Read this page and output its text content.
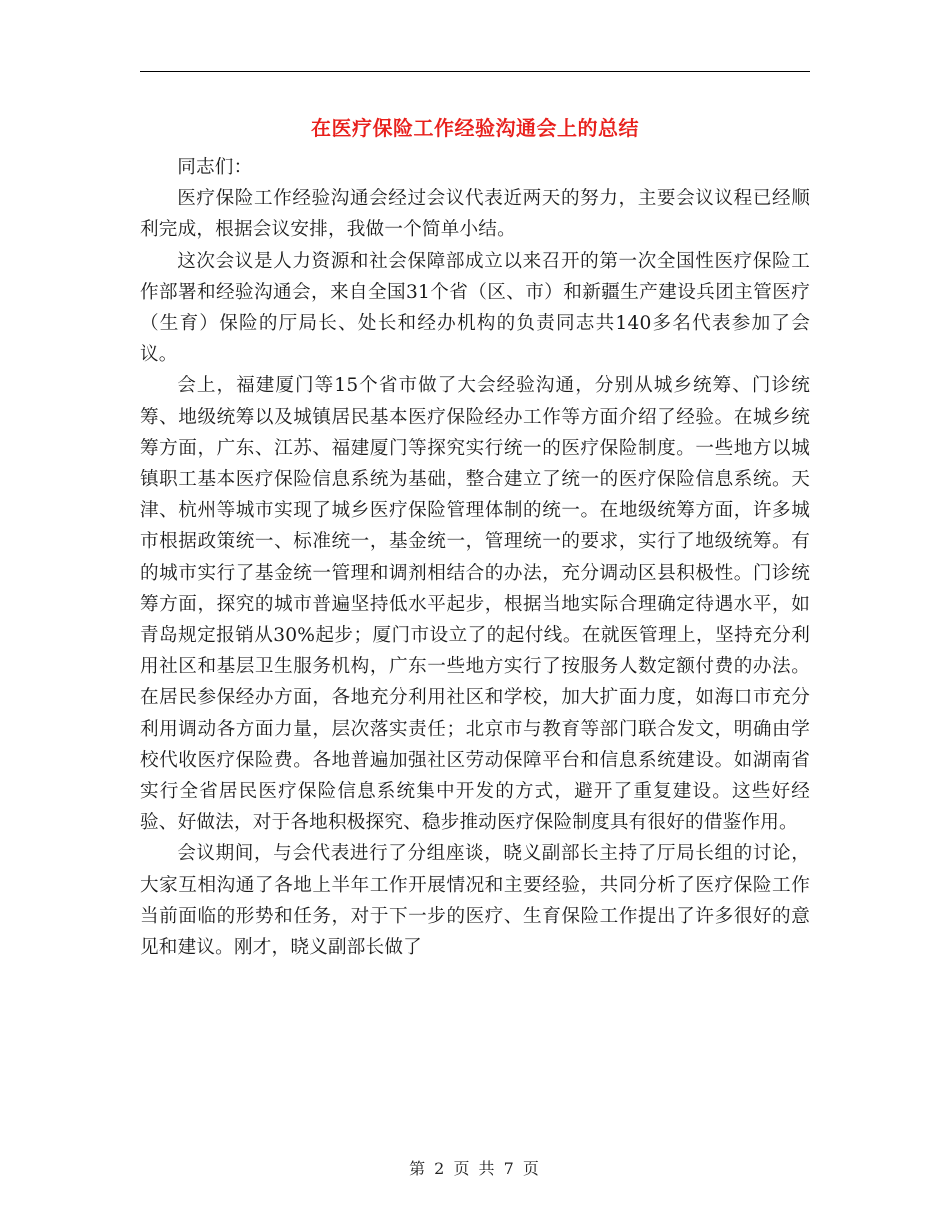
在医疗保险工作经验沟通会上的总结

同志们：

医疗保险工作经验沟通会经过会议代表近两天的努力，主要会议议程已经顺利完成，根据会议安排，我做一个简单小结。

这次会议是人力资源和社会保障部成立以来召开的第一次全国性医疗保险工作部署和经验沟通会，来自全国31个省（区、市）和新疆生产建设兵团主管医疗（生育）保险的厅局长、处长和经办机构的负责同志共140多名代表参加了会议。

会上，福建厦门等15个省市做了大会经验沟通，分别从城乡统筹、门诊统筹、地级统筹以及城镇居民基本医疗保险经办工作等方面介绍了经验。在城乡统筹方面，广东、江苏、福建厦门等探究实行统一的医疗保险制度。一些地方以城镇职工基本医疗保险信息系统为基础，整合建立了统一的医疗保险信息系统。天津、杭州等城市实现了城乡医疗保险管理体制的统一。在地级统筹方面，许多城市根据政策统一、标准统一，基金统一，管理统一的要求，实行了地级统筹。有的城市实行了基金统一管理和调剂相结合的办法，充分调动区县积极性。门诊统筹方面，探究的城市普遍坚持低水平起步，根据当地实际合理确定待遇水平，如青岛规定报销从30%起步；厦门市设立了的起付线。在就医管理上，坚持充分利用社区和基层卫生服务机构，广东一些地方实行了按服务人数定额付费的办法。在居民参保经办方面，各地充分利用社区和学校，加大扩面力度，如海口市充分利用调动各方面力量，层次落实责任；北京市与教育等部门联合发文，明确由学校代收医疗保险费。各地普遍加强社区劳动保障平台和信息系统建设。如湖南省实行全省居民医疗保险信息系统集中开发的方式，避开了重复建设。这些好经验、好做法，对于各地积极探究、稳步推动医疗保险制度具有很好的借鉴作用。

会议期间，与会代表进行了分组座谈，晓义副部长主持了厅局长组的讨论，大家互相沟通了各地上半年工作开展情况和主要经验，共同分析了医疗保险工作当前面临的形势和任务，对于下一步的医疗、生育保险工作提出了许多很好的意见和建议。刚才，晓义副部长做了

第 2 页 共 7 页
